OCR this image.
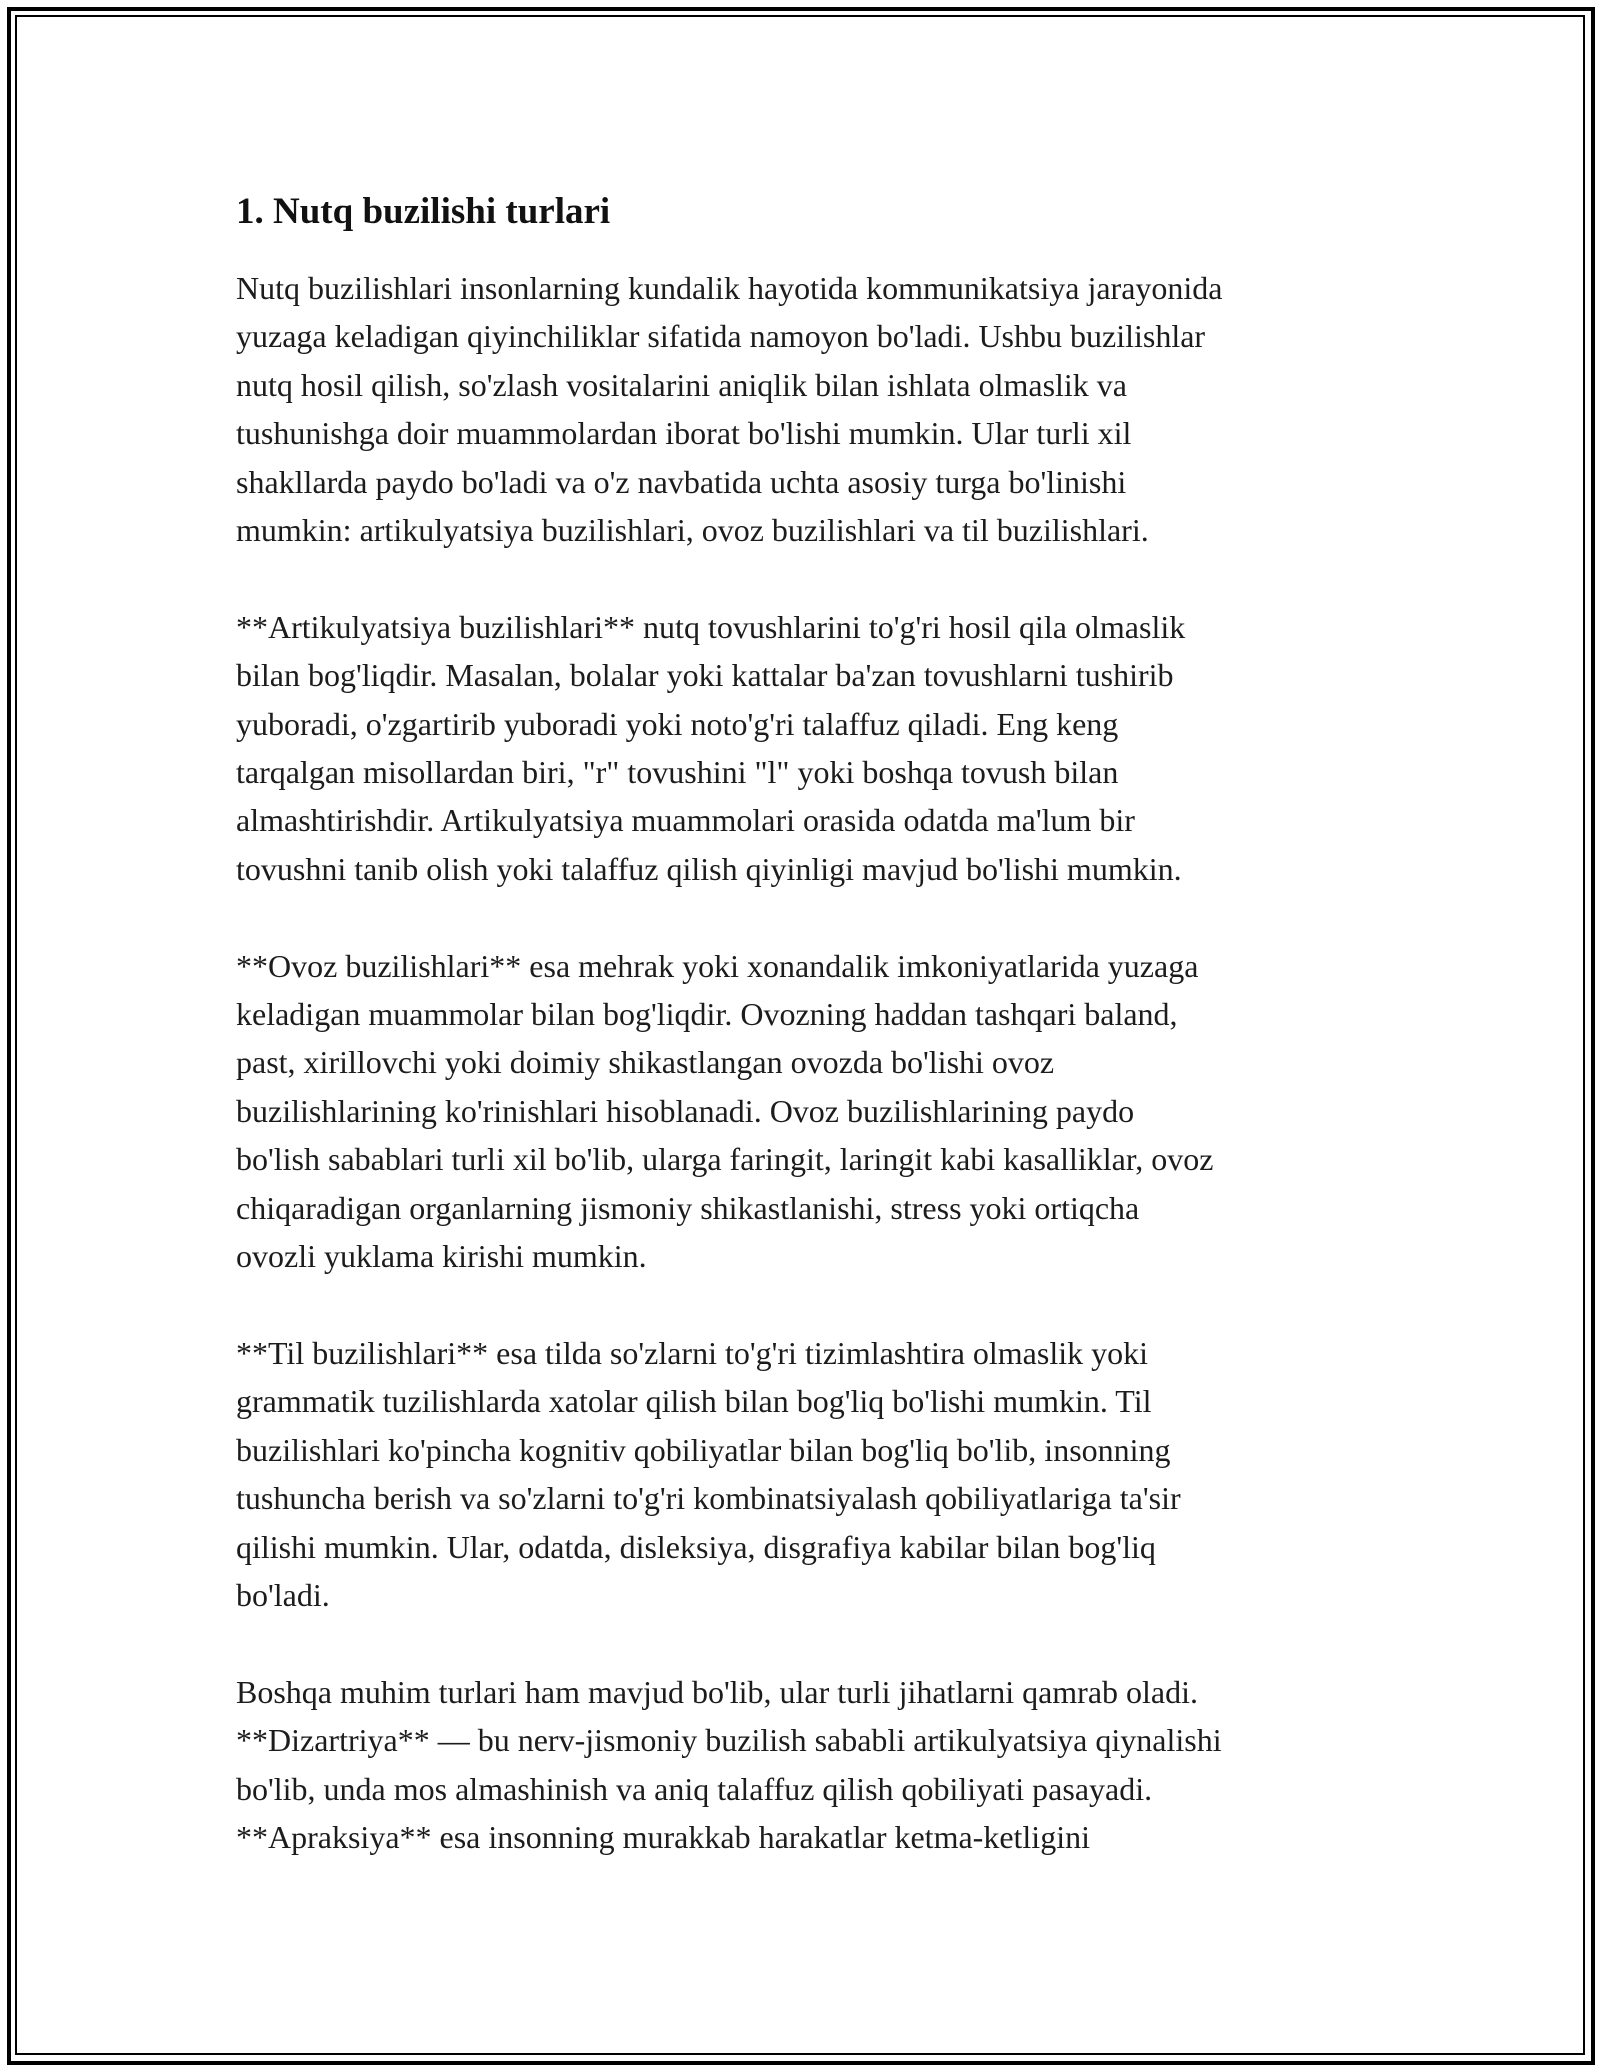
1. Nutq buzilishi turlari

Nutq buzilishlari insonlarning kundalik hayotida kommunikatsiya jarayonida
yuzaga keladigan qiyinchiliklar sifatida namoyon bo'ladi. Ushbu buzilishlar
nutq hosil qilish, so'zlash vositalarini aniqlik bilan ishlata olmaslik va
tushunishga doir muammolardan iborat bo'lishi mumkin. Ular turli xil
shakllarda paydo bo'ladi va o'z navbatida uchta asosiy turga bo'linishi
mumkin: artikulyatsiya buzilishlari, ovoz buzilishlari va til buzilishlari.

**Artikulyatsiya buzilishlari** nutq tovushlarini to'g'ri hosil qila olmaslik
bilan bog'liqdir. Masalan, bolalar yoki kattalar ba'zan tovushlarni tushirib
yuboradi, o'zgartirib yuboradi yoki noto'g'ri talaffuz qiladi. Eng keng
tarqalgan misollardan biri, "r" tovushini "l" yoki boshqa tovush bilan
almashtirishdir. Artikulyatsiya muammolari orasida odatda ma'lum bir
tovushni tanib olish yoki talaffuz qilish qiyinligi mavjud bo'lishi mumkin.

**Ovoz buzilishlari** esa mehrak yoki xonandalik imkoniyatlarida yuzaga
keladigan muammolar bilan bog'liqdir. Ovozning haddan tashqari baland,
past, xirillovchi yoki doimiy shikastlangan ovozda bo'lishi ovoz
buzilishlarining ko'rinishlari hisoblanadi. Ovoz buzilishlarining paydo
bo'lish sabablari turli xil bo'lib, ularga faringit, laringit kabi kasalliklar, ovoz
chiqaradigan organlarning jismoniy shikastlanishi, stress yoki ortiqcha
ovozli yuklama kirishi mumkin.

**Til buzilishlari** esa tilda so'zlarni to'g'ri tizimlashtira olmaslik yoki
grammatik tuzilishlarda xatolar qilish bilan bog'liq bo'lishi mumkin. Til
buzilishlari ko'pincha kognitiv qobiliyatlar bilan bog'liq bo'lib, insonning
tushuncha berish va so'zlarni to'g'ri kombinatsiyalash qobiliyatlariga ta'sir
qilishi mumkin. Ular, odatda, disleksiya, disgrafiya kabilar bilan bog'liq
bo'ladi.

Boshqa muhim turlari ham mavjud bo'lib, ular turli jihatlarni qamrab oladi.
**Dizartriya** — bu nerv-jismoniy buzilish sababli artikulyatsiya qiynalishi
bo'lib, unda mos almashinish va aniq talaffuz qilish qobiliyati pasayadi.
**Apraksiya** esa insonning murakkab harakatlar ketma-ketligini
